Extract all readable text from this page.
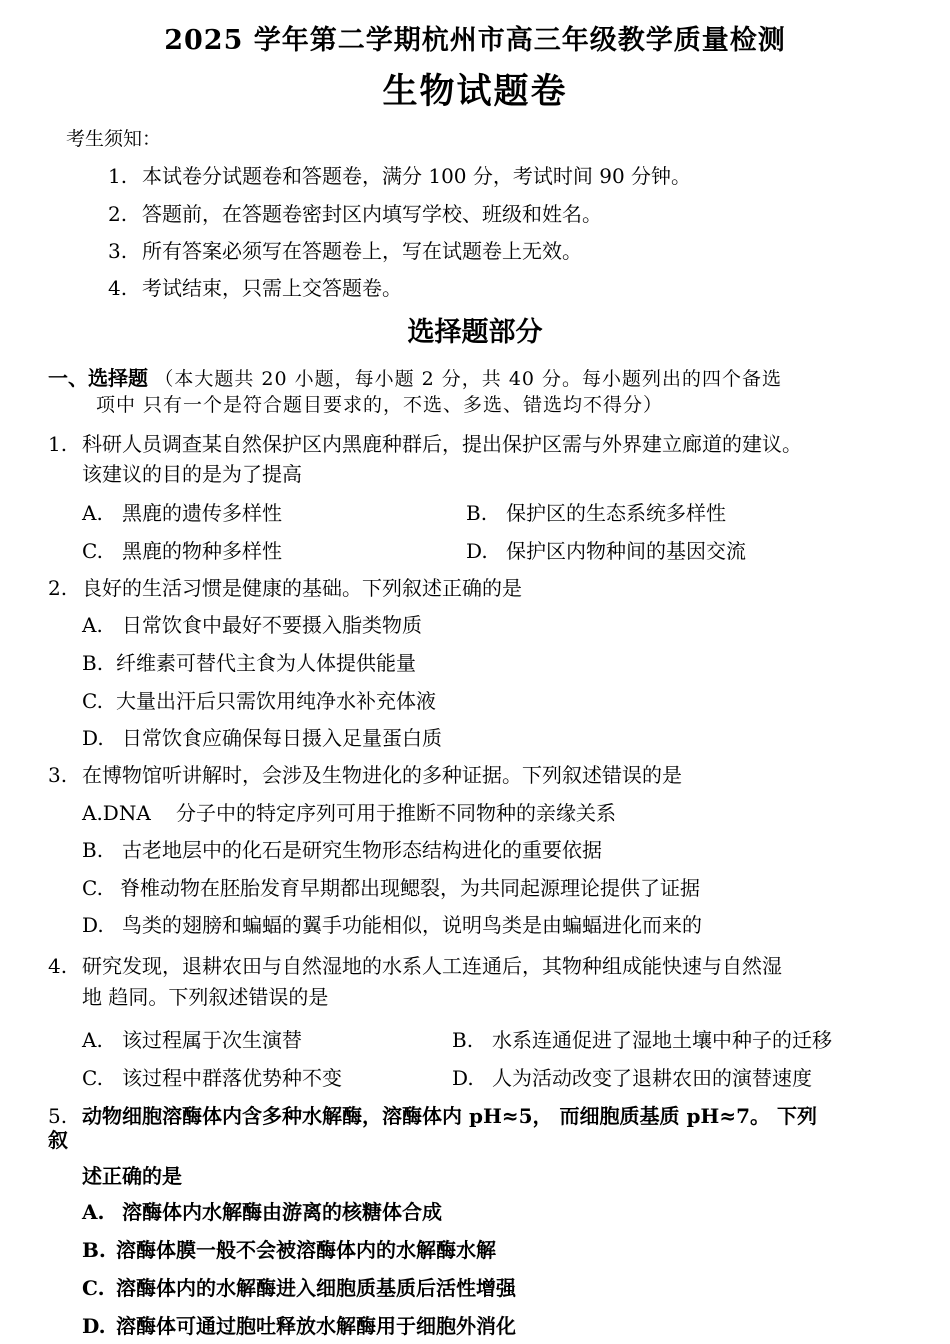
2025 学年第二学期杭州市高三年级教学质量检测
生物试题卷
考生须知：
1. 本试卷分试题卷和答题卷，满分 100 分，考试时间 90 分钟。
2. 答题前，在答题卷密封区内填写学校、班级和姓名。
3. 所有答案必须写在答题卷上，写在试题卷上无效。
4. 考试结束，只需上交答题卷。
选择题部分
一、选择题 （本大题共 20 小题，每小题 2 分，共 40 分。每小题列出的四个备选
项中 只有一个是符合题目要求的，不选、多选、错选均不得分）
1. 科研人员调查某自然保护区内黑鹿种群后，提出保护区需与外界建立廊道的建议。
该建议的目的是为了提高
A. 黑鹿的遗传多样性	B. 保护区的生态系统多样性
C. 黑鹿的物种多样性	D. 保护区内物种间的基因交流
2. 良好的生活习惯是健康的基础。下列叙述正确的是
A. 日常饮食中最好不要摄入脂类物质
B. 纤维素可替代主食为人体提供能量
C. 大量出汗后只需饮用纯净水补充体液
D. 日常饮食应确保每日摄入足量蛋白质
3. 在博物馆听讲解时，会涉及生物进化的多种证据。下列叙述错误的是
A.DNA 分子中的特定序列可用于推断不同物种的亲缘关系
B. 古老地层中的化石是研究生物形态结构进化的重要依据
C. 脊椎动物在胚胎发育早期都出现鳃裂，为共同起源理论提供了证据
D. 鸟类的翅膀和蝙蝠的翼手功能相似，说明鸟类是由蝙蝠进化而来的
4. 研究发现，退耕农田与自然湿地的水系人工连通后，其物种组成能快速与自然湿
地 趋同。下列叙述错误的是
A. 该过程属于次生演替	B. 水系连通促进了湿地土壤中种子的迁移
C. 该过程中群落优势种不变	D. 人为活动改变了退耕农田的演替速度
5. 动物细胞溶酶体内含多种水解酶，溶酶体内 pH≈5， 而细胞质基质 pH≈7。 下列
叙
述正确的是
A. 溶酶体内水解酶由游离的核糖体合成
B. 溶酶体膜一般不会被溶酶体内的水解酶水解
C. 溶酶体内的水解酶进入细胞质基质后活性增强
D. 溶酶体可通过胞吐释放水解酶用于细胞外消化
